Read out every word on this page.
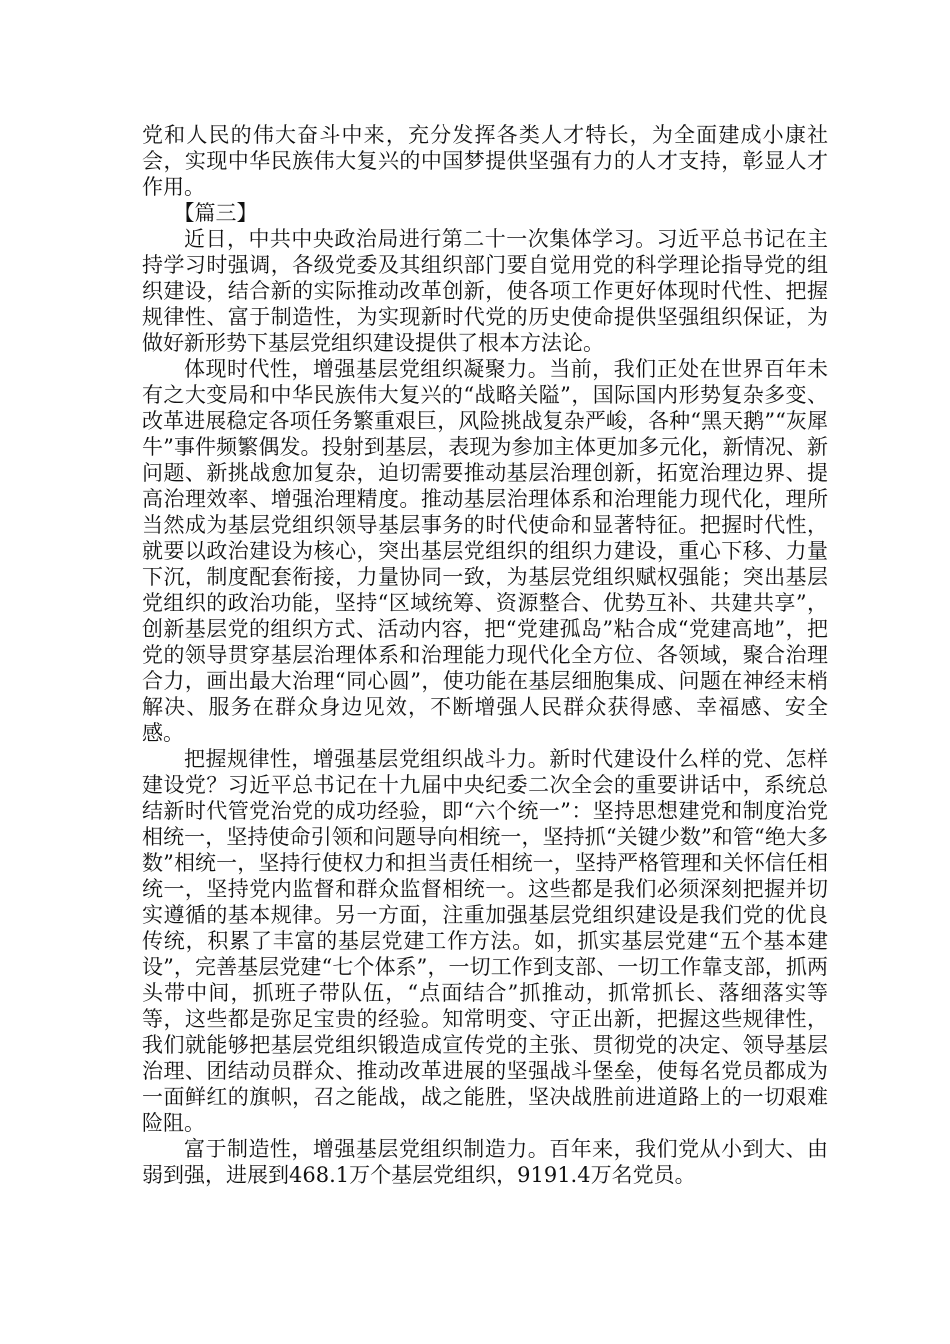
党和人民的伟大奋斗中来，充分发挥各类人才特长，为全面建成小康社会，实现中华民族伟大复兴的中国梦提供坚强有力的人才支持，彰显人才作用。

【篇三】

近日，中共中央政治局进行第二十一次集体学习。习近平总书记在主持学习时强调，各级党委及其组织部门要自觉用党的科学理论指导党的组织建设，结合新的实际推动改革创新，使各项工作更好体现时代性、把握规律性、富于制造性，为实现新时代党的历史使命提供坚强组织保证，为做好新形势下基层党组织建设提供了根本方法论。

体现时代性，增强基层党组织凝聚力。当前，我们正处在世界百年未有之大变局和中华民族伟大复兴的“战略关隘”，国际国内形势复杂多变、改革进展稳定各项任务繁重艰巨，风险挑战复杂严峻，各种“黑天鹅”“灰犀牛”事件频繁偶发。投射到基层，表现为参加主体更加多元化，新情况、新问题、新挑战愈加复杂，迫切需要推动基层治理创新，拓宽治理边界、提高治理效率、增强治理精度。推动基层治理体系和治理能力现代化，理所当然成为基层党组织领导基层事务的时代使命和显著特征。把握时代性，就要以政治建设为核心，突出基层党组织的组织力建设，重心下移、力量下沉，制度配套衔接，力量协同一致，为基层党组织赋权强能；突出基层党组织的政治功能，坚持“区域统筹、资源整合、优势互补、共建共享”，创新基层党的组织方式、活动内容，把“党建孤岛”粘合成“党建高地”，把党的领导贯穿基层治理体系和治理能力现代化全方位、各领域，聚合治理合力，画出最大治理“同心圆”，使功能在基层细胞集成、问题在神经末梢解决、服务在群众身边见效，不断增强人民群众获得感、幸福感、安全感。

把握规律性，增强基层党组织战斗力。新时代建设什么样的党、怎样建设党？习近平总书记在十九届中央纪委二次全会的重要讲话中，系统总结新时代管党治党的成功经验，即“六个统一”：坚持思想建党和制度治党相统一，坚持使命引领和问题导向相统一，坚持抓“关键少数”和管“绝大多数”相统一，坚持行使权力和担当责任相统一，坚持严格管理和关怀信任相统一，坚持党内监督和群众监督相统一。这些都是我们必须深刻把握并切实遵循的基本规律。另一方面，注重加强基层党组织建设是我们党的优良传统，积累了丰富的基层党建工作方法。如，抓实基层党建“五个基本建设”，完善基层党建“七个体系”，一切工作到支部、一切工作靠支部，抓两头带中间，抓班子带队伍，“点面结合”抓推动，抓常抓长、落细落实等等，这些都是弥足宝贵的经验。知常明变、守正出新，把握这些规律性，我们就能够把基层党组织锻造成宣传党的主张、贯彻党的决定、领导基层治理、团结动员群众、推动改革进展的坚强战斗堡垒，使每名党员都成为一面鲜红的旗帜，召之能战，战之能胜，坚决战胜前进道路上的一切艰难险阻。

富于制造性，增强基层党组织制造力。百年来，我们党从小到大、由弱到强，进展到468.1万个基层党组织，9191.4万名党员。
